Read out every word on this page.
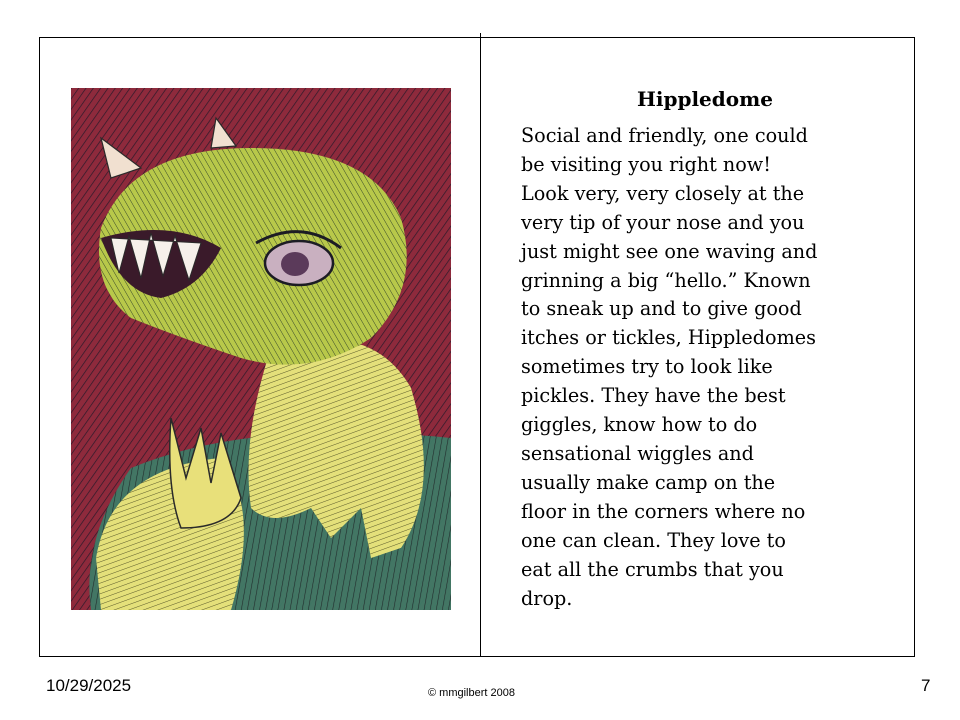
Hippledome
Social and friendly, one could
be visiting you right now!
Look very, very closely at the
very tip of your nose and you
just might see one waving and
grinning a big “hello.” Known
to sneak up and to give good
itches or tickles, Hippledomes
sometimes try to look like
pickles. They have the best
giggles, know how to do
sensational wiggles and
usually make camp on the
floor in the corners where no
one can clean. They love to
eat all the crumbs that you
drop.
10/29/2025	© mmgilbert 2008	7
